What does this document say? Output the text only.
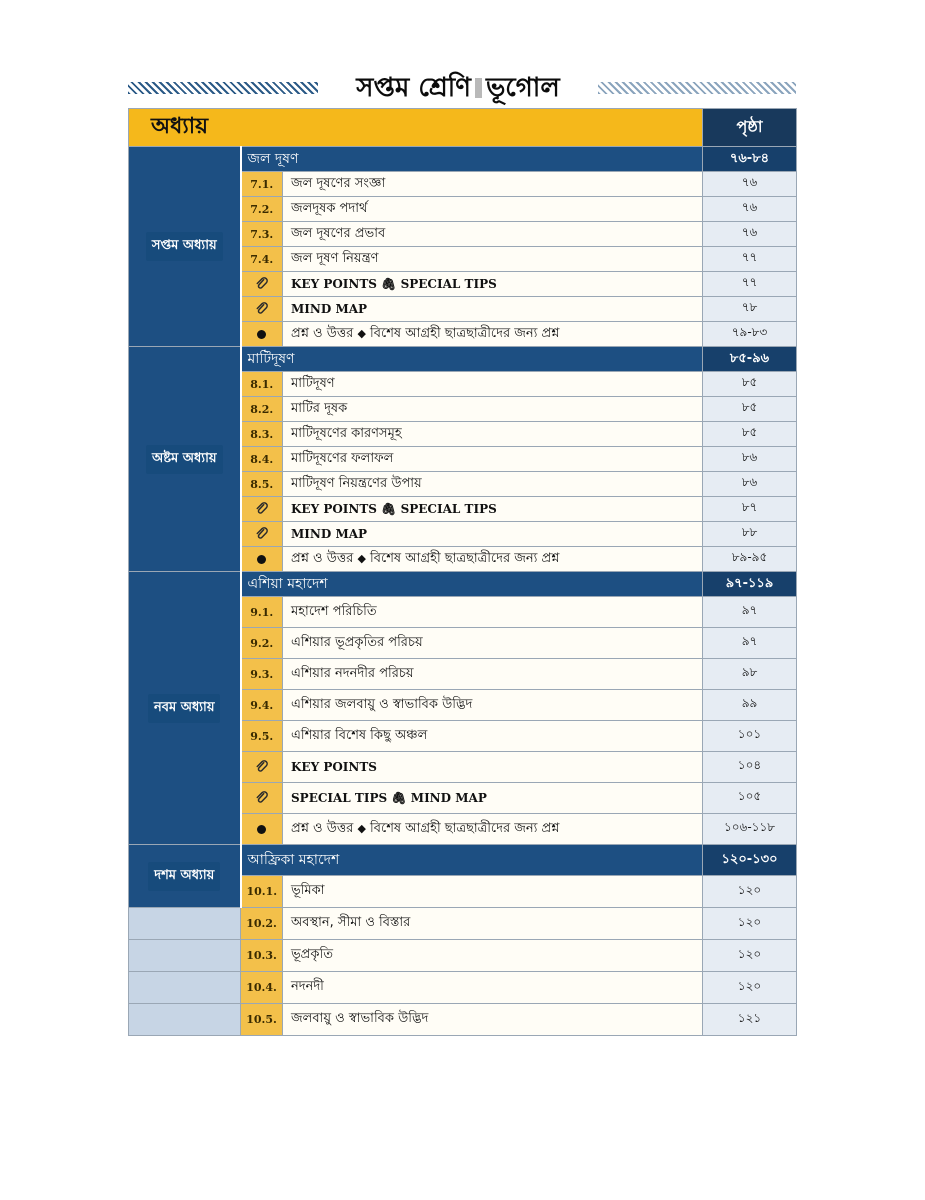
সপ্তম শ্রেণি ভূগোল
অধ্যায়			পৃষ্ঠা
সপ্তম অধ্যায়	জল দূষণ		৭৬-৮৪
	7.1.	জল দূষণের সংজ্ঞা	৭৬
	7.2.	জলদূষক পদার্থ	৭৬
	7.3.	জল দূষণের প্রভাব	৭৬
	7.4.	জল দূষণ নিয়ন্ত্রণ	৭৭
	KEY POINTS 🖇 SPECIAL TIPS	৭৭
	MIND MAP	৭৮
		প্রশ্ন ও উত্তর ◆ বিশেষ আগ্রহী ছাত্রছাত্রীদের জন্য প্রশ্ন	৭৯-৮৩
অষ্টম অধ্যায়	মাটিদূষণ		৮৫-৯৬
	8.1.	মাটিদূষণ	৮৫
	8.2.	মাটির দূষক	৮৫
	8.3.	মাটিদূষণের কারণসমূহ	৮৫
	8.4.	মাটিদূষণের ফলাফল	৮৬
	8.5.	মাটিদূষণ নিয়ন্ত্রণের উপায়	৮৬
	KEY POINTS 🖇 SPECIAL TIPS	৮৭
	MIND MAP	৮৮
		প্রশ্ন ও উত্তর ◆ বিশেষ আগ্রহী ছাত্রছাত্রীদের জন্য প্রশ্ন	৮৯-৯৫
নবম অধ্যায়	এশিয়া মহাদেশ		৯৭-১১৯
	9.1.	মহাদেশ পরিচিতি	৯৭
	9.2.	এশিয়ার ভূপ্রকৃতির পরিচয়	৯৭
	9.3.	এশিয়ার নদনদীর পরিচয়	৯৮
	9.4.	এশিয়ার জলবায়ু ও স্বাভাবিক উদ্ভিদ	৯৯
	9.5.	এশিয়ার বিশেষ কিছু অঞ্চল	১০১
	KEY POINTS	১০৪
	SPECIAL TIPS 🖇 MIND MAP	১০৫
		প্রশ্ন ও উত্তর ◆ বিশেষ আগ্রহী ছাত্রছাত্রীদের জন্য প্রশ্ন	১০৬-১১৮
দশম অধ্যায়	আফ্রিকা মহাদেশ		১২০-১৩০
	10.1.	ভূমিকা	১২০
	10.2.	অবস্থান, সীমা ও বিস্তার	১২০
	10.3.	ভূপ্রকৃতি	১২০
	10.4.	নদনদী	১২০
	10.5.	জলবায়ু ও স্বাভাবিক উদ্ভিদ	১২১
